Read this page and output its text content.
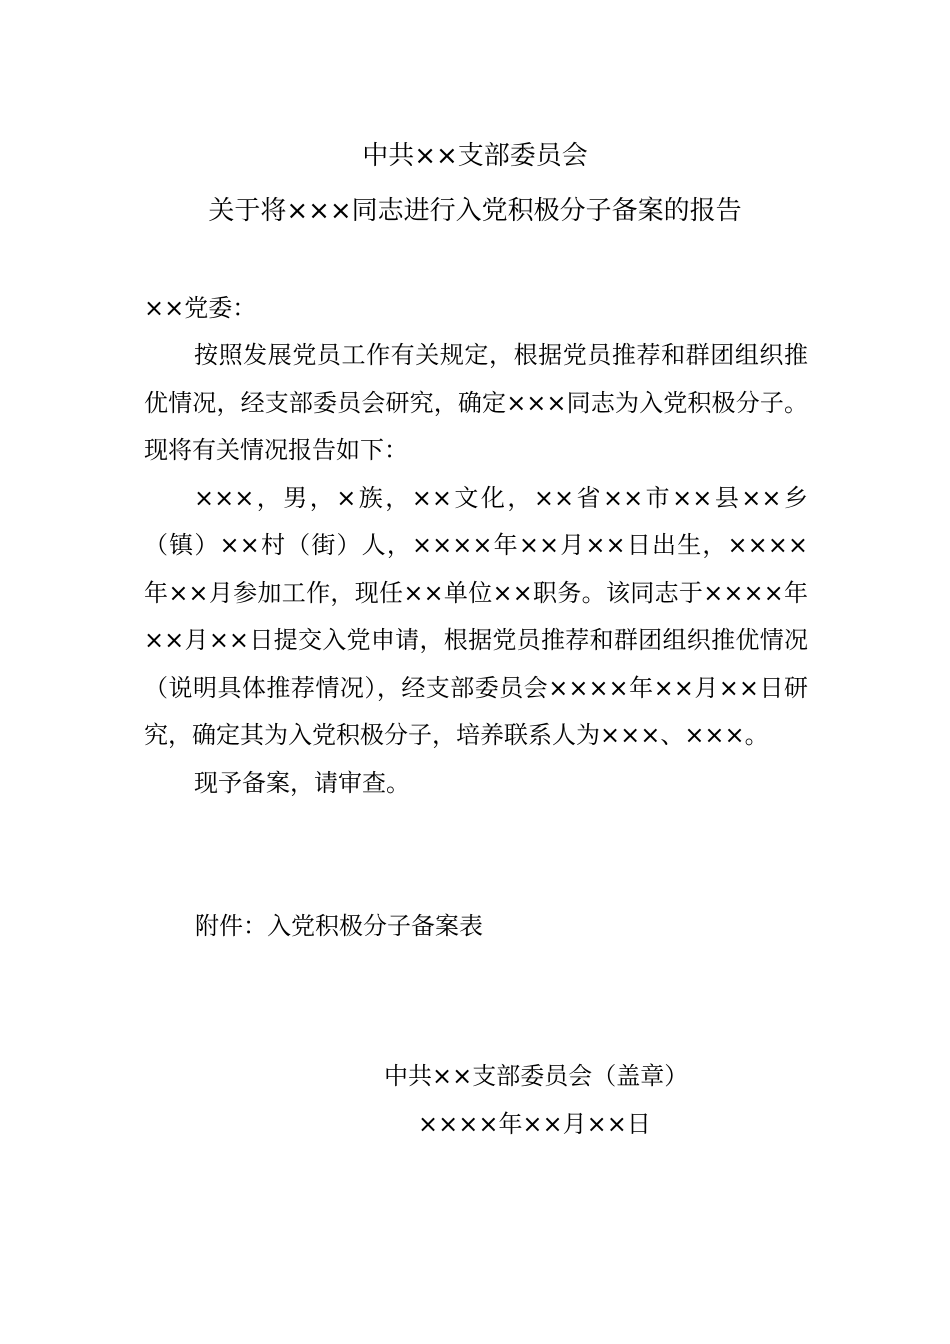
中共××支部委员会
关于将×××同志进行入党积极分子备案的报告
××党委：

按照发展党员工作有关规定，根据党员推荐和群团组织推优情况，经支部委员会研究，确定×××同志为入党积极分子。现将有关情况报告如下：

×××，男，×族，××文化，××省××市××县××乡（镇）××村（街）人，××××年××月××日出生，××××年××月参加工作，现任××单位××职务。该同志于××××年××月××日提交入党申请，根据党员推荐和群团组织推优情况（说明具体推荐情况），经支部委员会××××年××月××日研究，确定其为入党积极分子，培养联系人为×××、×××。

现予备案，请审查。

附件：入党积极分子备案表
中共××支部委员会（盖章）
××××年××月××日
